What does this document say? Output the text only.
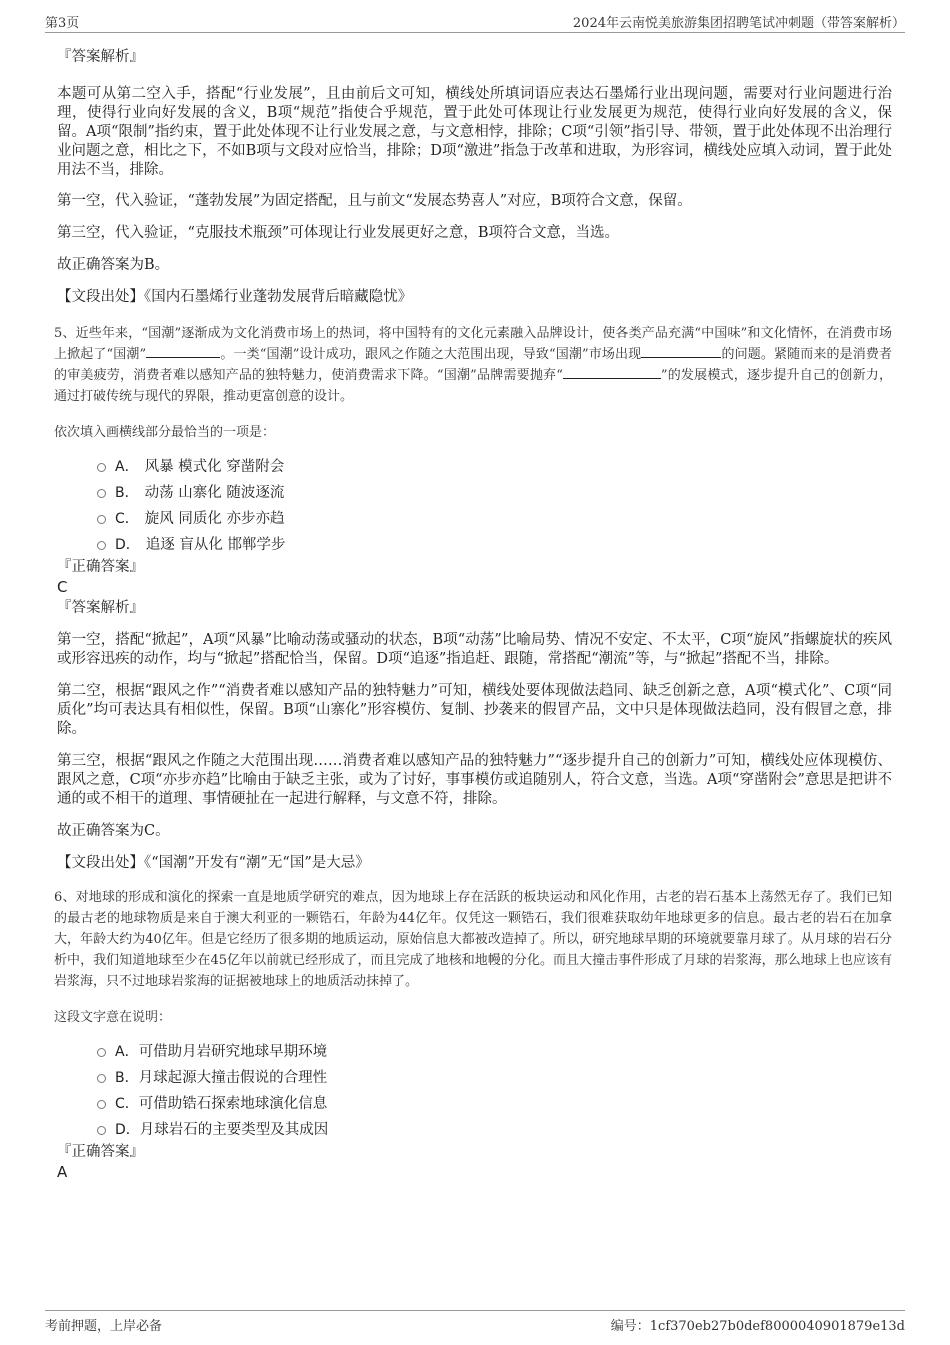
第3页	2024年云南悦美旅游集团招聘笔试冲刺题（带答案解析）

『答案解析』

本题可从第二空入手，搭配“行业发展”，且由前后文可知，横线处所填词语应表达石墨烯行业出现问题，需要对行业问题进行治理，使得行业向好发展的含义，B项“规范”指使合乎规范，置于此处可体现让行业发展更为规范，使得行业向好发展的含义，保留。A项“限制”指约束，置于此处体现不让行业发展之意，与文意相悖，排除；C项“引领”指引导、带领，置于此处体现不出治理行业问题之意，相比之下，不如B项与文段对应恰当，排除；D项“激进”指急于改革和进取，为形容词，横线处应填入动词，置于此处用法不当，排除。

第一空，代入验证，“蓬勃发展”为固定搭配，且与前文“发展态势喜人”对应，B项符合文意，保留。

第三空，代入验证，“克服技术瓶颈”可体现让行业发展更好之意，B项符合文意，当选。

故正确答案为B。

【文段出处】《国内石墨烯行业蓬勃发展背后暗藏隐忧》

5、近些年来，“国潮”逐渐成为文化消费市场上的热词，将中国特有的文化元素融入品牌设计，使各类产品充满“中国味”和文化情怀，在消费市场上掀起了“国潮”	。一类“国潮”设计成功，跟风之作随之大范围出现，导致“国潮”市场出现	的问题。紧随而来的是消费者的审美疲劳，消费者难以感知产品的独特魅力，使消费需求下降。“国潮”品牌需要抛弃“	”的发展模式，逐步提升自己的创新力，通过打破传统与现代的界限，推动更富创意的设计。

依次填入画横线部分最恰当的一项是：

A． 风暴 模式化 穿凿附会
B． 动荡 山寨化 随波逐流
C． 旋风 同质化 亦步亦趋
D． 追逐 盲从化 邯郸学步

『正确答案』

C

『答案解析』

第一空，搭配“掀起”，A项“风暴”比喻动荡或骚动的状态，B项“动荡”比喻局势、情况不安定、不太平，C项“旋风”指螺旋状的疾风或形容迅疾的动作，均与“掀起”搭配恰当，保留。D项“追逐”指追赶、跟随，常搭配“潮流”等，与“掀起”搭配不当，排除。

第二空，根据“跟风之作”“消费者难以感知产品的独特魅力”可知，横线处要体现做法趋同、缺乏创新之意，A项“模式化”、C项“同质化”均可表达具有相似性，保留。B项“山寨化”形容模仿、复制、抄袭来的假冒产品，文中只是体现做法趋同，没有假冒之意，排除。

第三空，根据“跟风之作随之大范围出现……消费者难以感知产品的独特魅力”“逐步提升自己的创新力”可知，横线处应体现模仿、跟风之意，C项“亦步亦趋”比喻由于缺乏主张，或为了讨好，事事模仿或追随别人，符合文意，当选。A项“穿凿附会”意思是把讲不通的或不相干的道理、事情硬扯在一起进行解释，与文意不符，排除。

故正确答案为C。

【文段出处】《“国潮”开发有“潮”无“国”是大忌》

6、对地球的形成和演化的探索一直是地质学研究的难点，因为地球上存在活跃的板块运动和风化作用，古老的岩石基本上荡然无存了。我们已知的最古老的地球物质是来自于澳大利亚的一颗锆石，年龄为44亿年。仅凭这一颗锆石，我们很难获取幼年地球更多的信息。最古老的岩石在加拿大，年龄大约为40亿年。但是它经历了很多期的地质运动，原始信息大都被改造掉了。所以，研究地球早期的环境就要靠月球了。从月球的岩石分析中，我们知道地球至少在45亿年以前就已经形成了，而且完成了地核和地幔的分化。而且大撞击事件形成了月球的岩浆海，那么地球上也应该有岩浆海，只不过地球岩浆海的证据被地球上的地质活动抹掉了。

这段文字意在说明：

A． 可借助月岩研究地球早期环境
B． 月球起源大撞击假说的合理性
C． 可借助锆石探索地球演化信息
D． 月球岩石的主要类型及其成因

『正确答案』

A

考前押题，上岸必备	编号：1cf370eb27b0def8000040901879e13d
